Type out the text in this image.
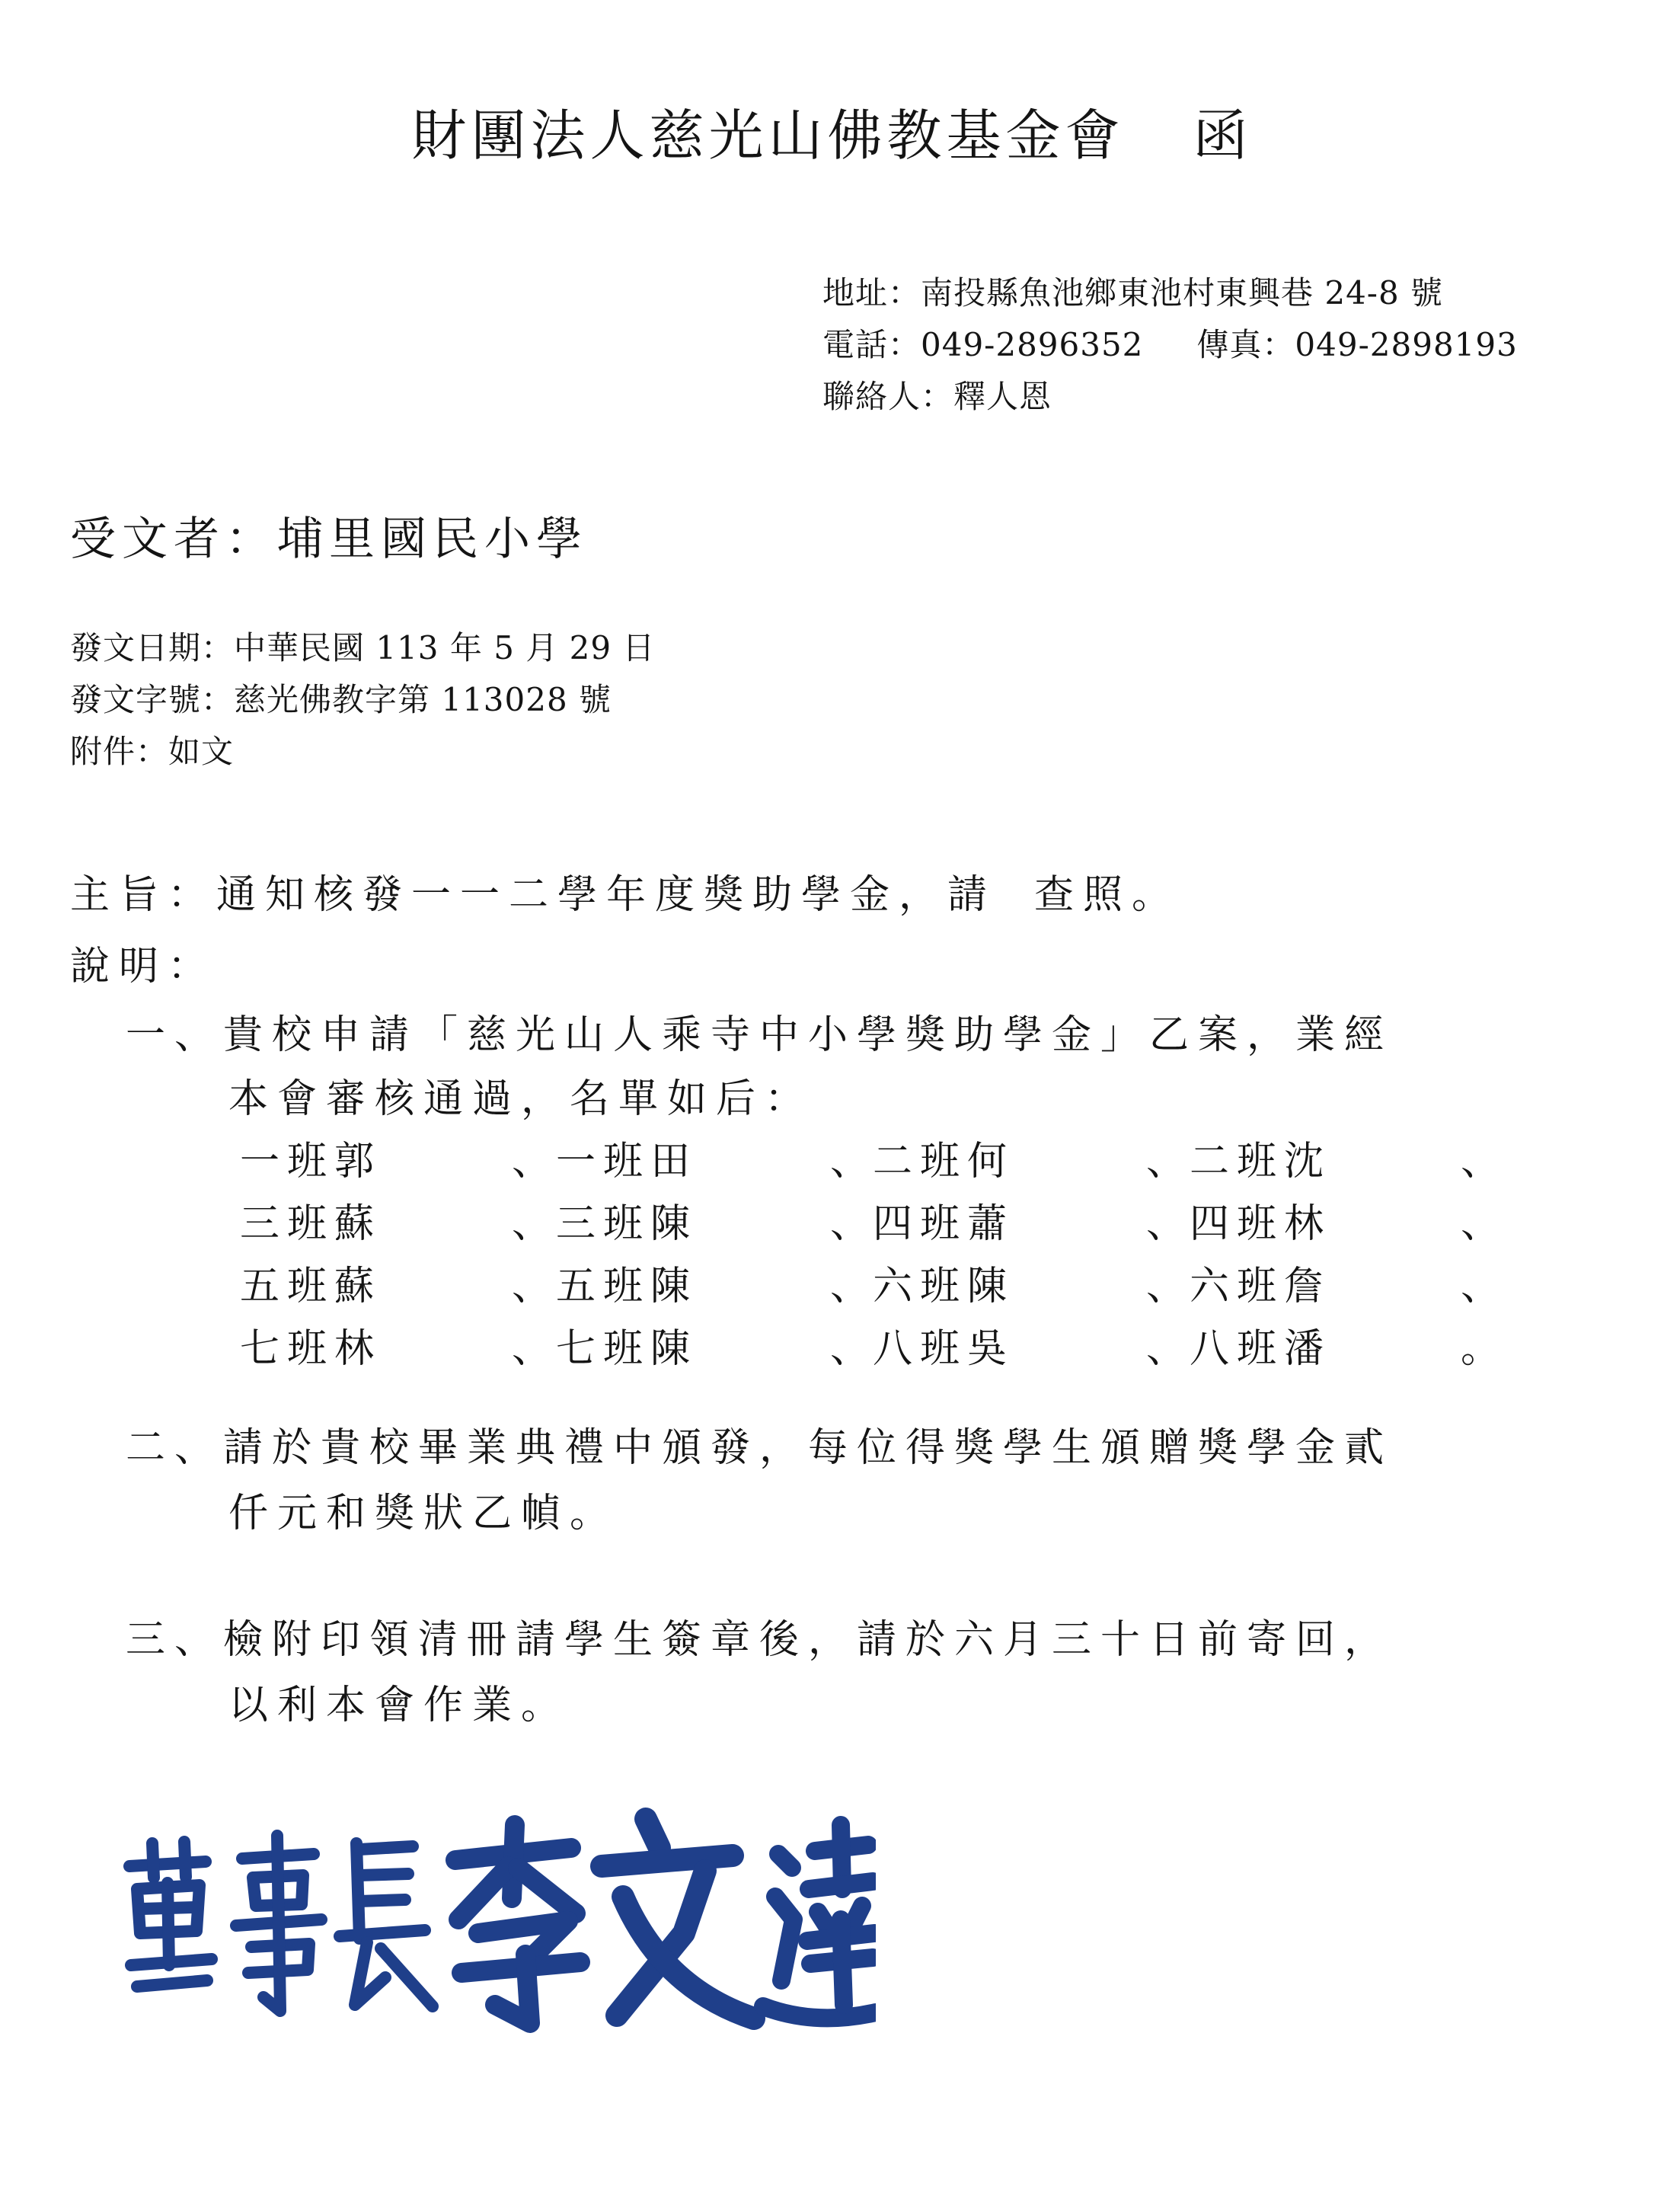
財團法人慈光山佛教基金會 函
地址：南投縣魚池鄉東池村東興巷 24-8 號
電話：049-2896352 傳真：049-2898193
聯絡人：釋人恩
受文者：埔里國民小學
發文日期：中華民國 113 年 5 月 29 日
發文字號：慈光佛教字第 113028 號
附件：如文
主旨：通知核發一一二學年度獎助學金，請 查照。
說明：
一、貴校申請「慈光山人乘寺中小學獎助學金」乙案，業經
本會審核通過，名單如后：
一班郭	、 一班田	、 二班何	、 二班沈	、
三班蘇	、 三班陳	、 四班蕭	、 四班林	、
五班蘇	、 五班陳	、 六班陳	、 六班詹	、
七班林	、 七班陳	、 八班吳	、 八班潘	。
二、請於貴校畢業典禮中頒發，每位得獎學生頒贈獎學金貳
仟元和獎狀乙幀。
三、檢附印領清冊請學生簽章後，請於六月三十日前寄回，
以利本會作業。
